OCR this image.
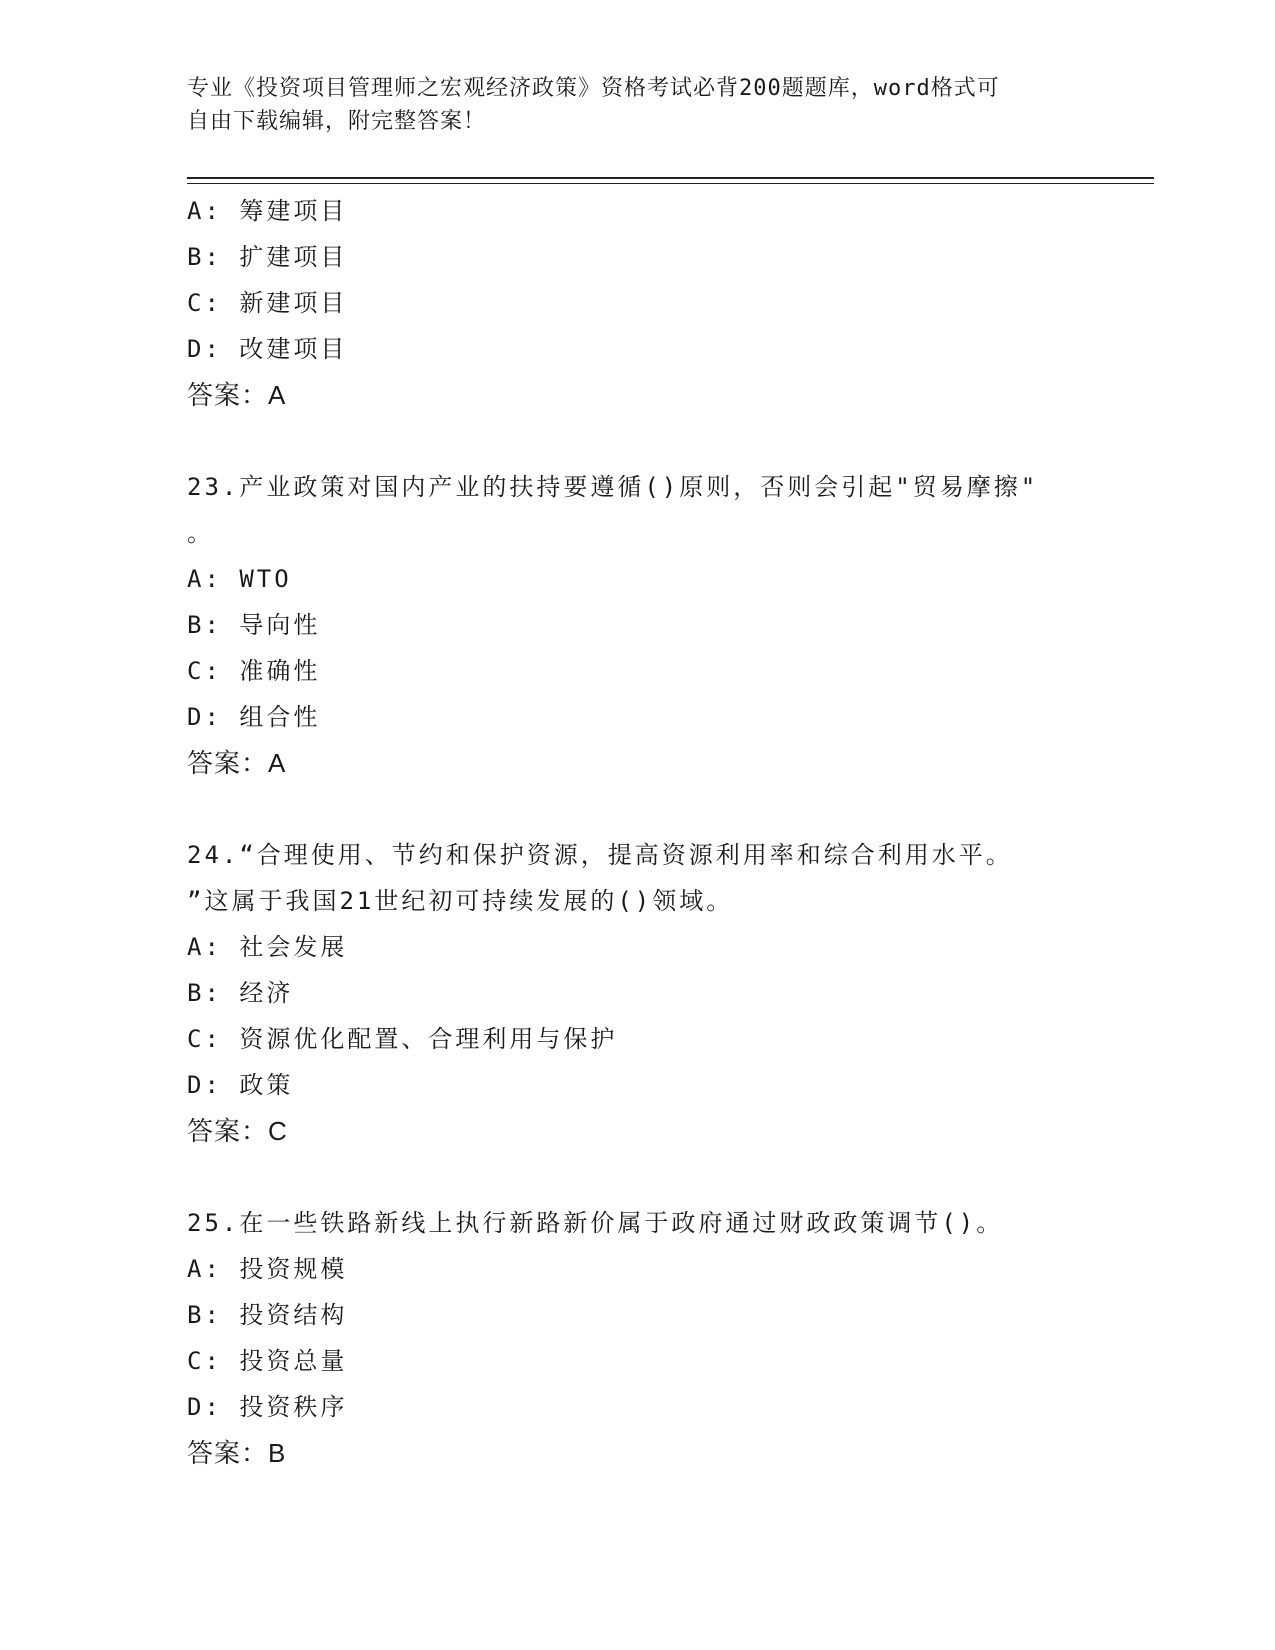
专业《投资项目管理师之宏观经济政策》资格考试必背200题题库，word格式可
自由下载编辑，附完整答案！
A: 筹建项目
B: 扩建项目
C: 新建项目
D: 改建项目
答案：A
23.产业政策对国内产业的扶持要遵循()原则，否则会引起"贸易摩擦"
。
A: WTO
B: 导向性
C: 准确性
D: 组合性
答案：A
24.“合理使用、节约和保护资源，提高资源利用率和综合利用水平。
”这属于我国21世纪初可持续发展的()领域。
A: 社会发展
B: 经济
C: 资源优化配置、合理利用与保护
D: 政策
答案：C
25.在一些铁路新线上执行新路新价属于政府通过财政政策调节()。
A: 投资规模
B: 投资结构
C: 投资总量
D: 投资秩序
答案：B
